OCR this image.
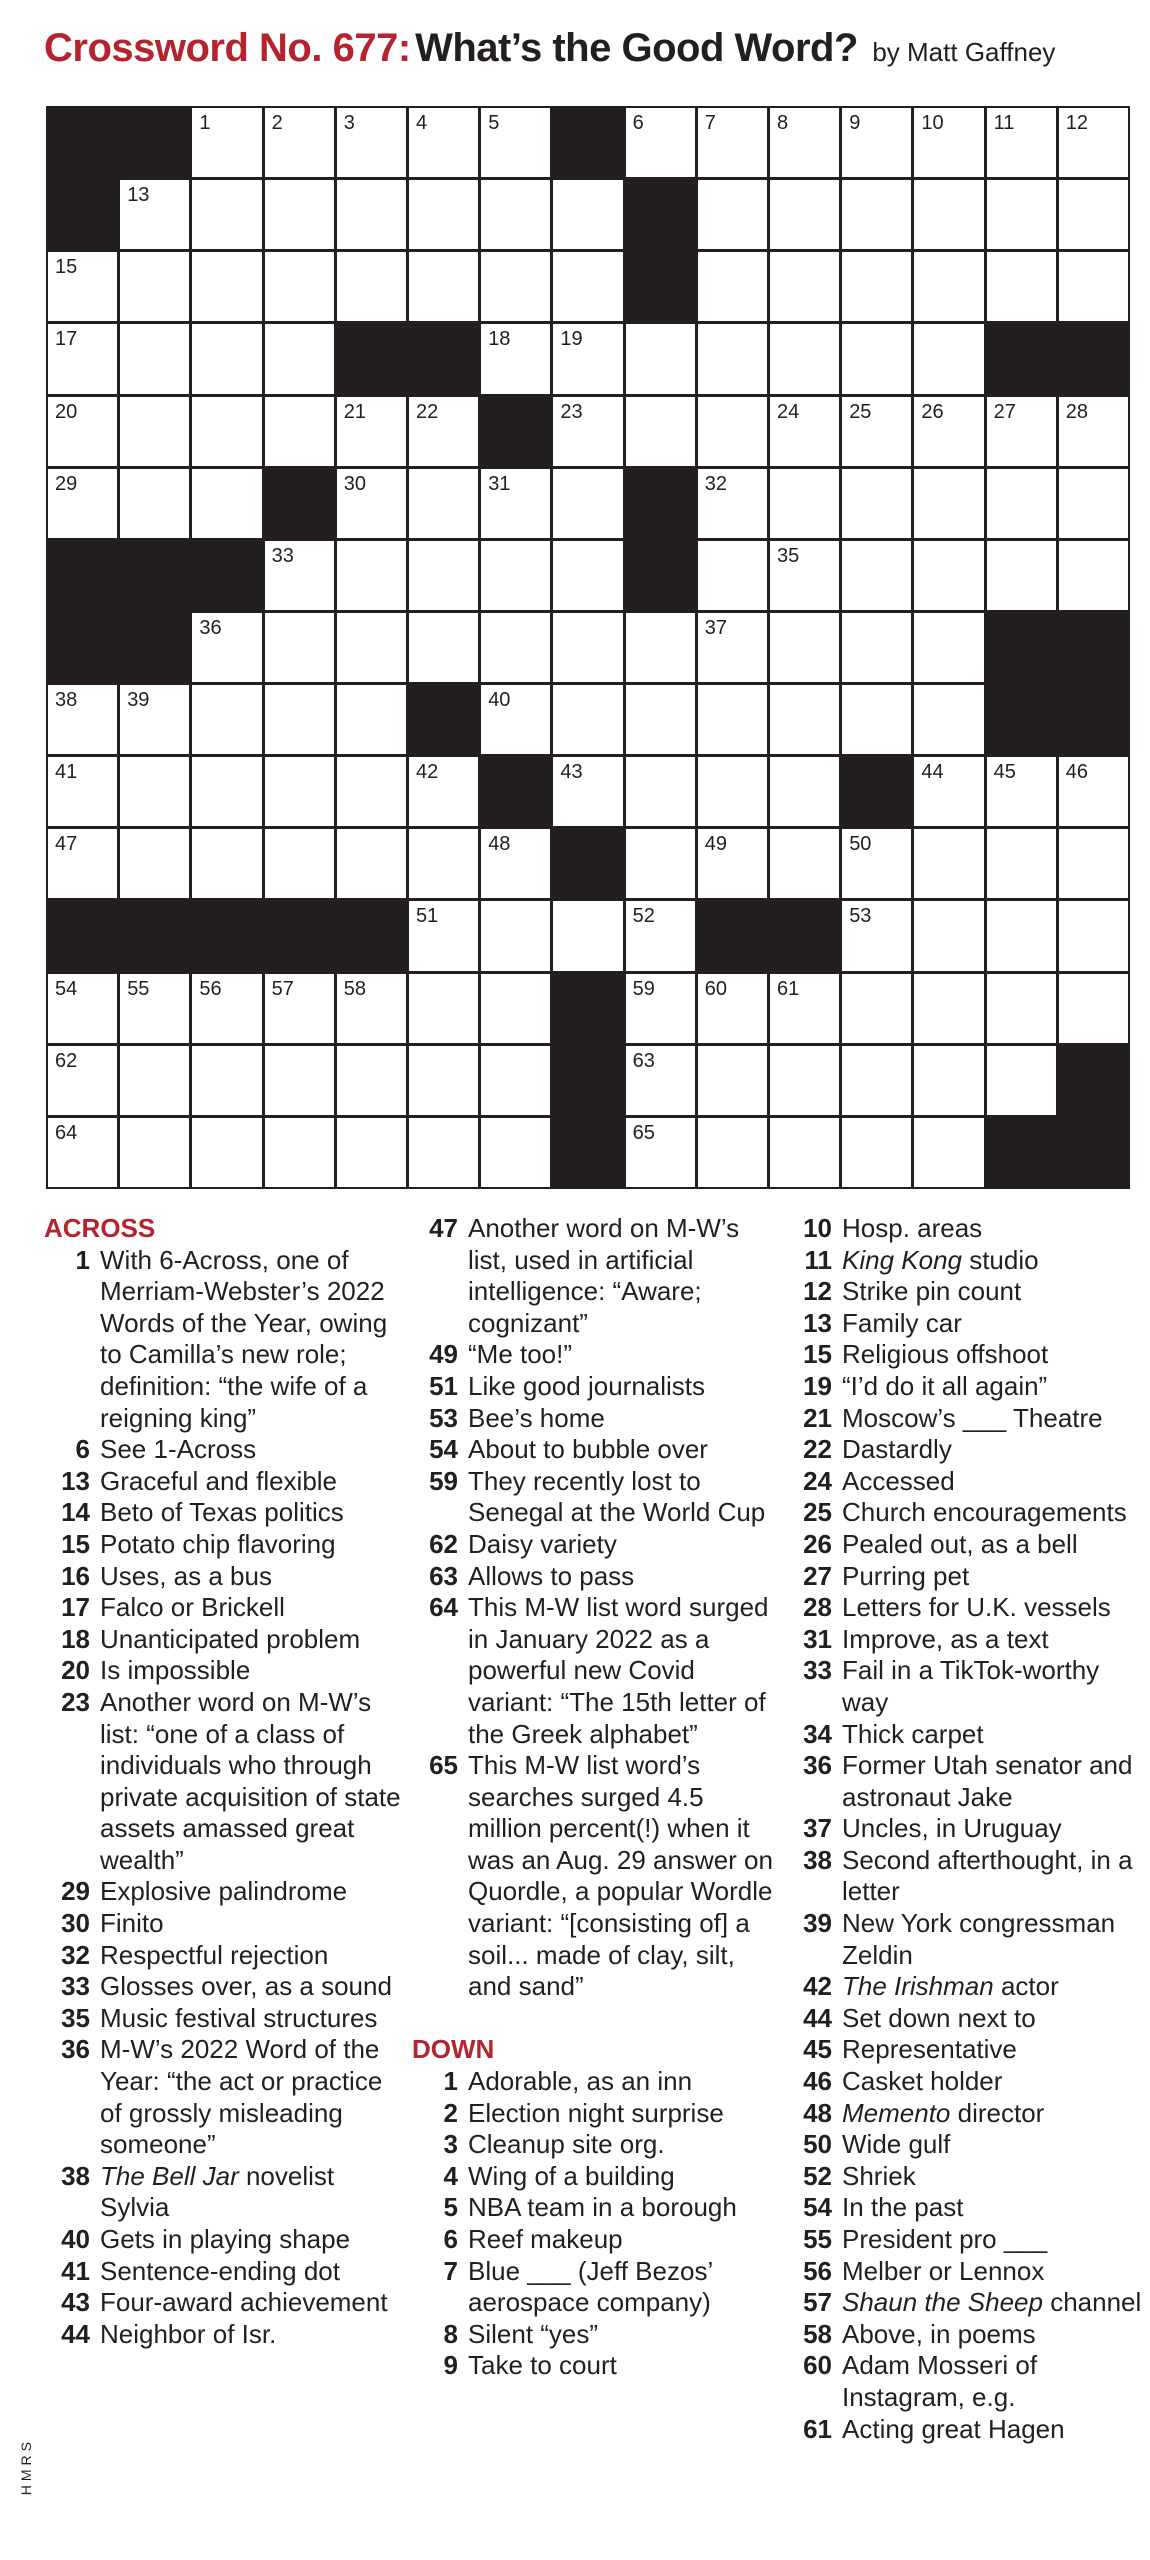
Crossword No. 677: What’s the Good Word? by Matt Gaffney
1	2	3	4	5	6	7	8	9	10 11	12
13	14
15	16
17	18 19
20	21 22	23	24 25 26 27 28
29	30	31	32
33	34	35
36	37
38 39	40
41	42	43	44 45 46
47	48	49	50
51	52	53
54 55 56 57 58	59 60 61
62	63
64	65
ACROSS
1 With 6-Across, one of Merriam-Webster’s 2022 Words of the Year, owing to Camilla’s new role; definition: “the wife of a reigning king”
6 See 1-Across
13 Graceful and flexible
14 Beto of Texas politics
15 Potato chip flavoring
16 Uses, as a bus
17 Falco or Brickell
18 Unanticipated problem
20 Is impossible
23 Another word on M-W’s list: “one of a class of individuals who through private acquisition of state assets amassed great wealth”
29 Explosive palindrome
30 Finito
32 Respectful rejection
33 Glosses over, as a sound
35 Music festival structures
36 M-W’s 2022 Word of the Year: “the act or practice of grossly misleading someone”
38 The Bell Jar novelist Sylvia
40 Gets in playing shape
41 Sentence-ending dot
43 Four-award achievement
44 Neighbor of Isr.
47 Another word on M-W’s list, used in artificial intelligence: “Aware; cognizant”
49 “Me too!”
51 Like good journalists
53 Bee’s home
54 About to bubble over
59 They recently lost to Senegal at the World Cup
62 Daisy variety
63 Allows to pass
64 This M-W list word surged in January 2022 as a powerful new Covid variant: “The 15th letter of the Greek alphabet”
65 This M-W list word’s searches surged 4.5 million percent(!) when it was an Aug. 29 answer on Quordle, a popular Wordle variant: “[consisting of] a soil... made of clay, silt, and sand”
DOWN
1 Adorable, as an inn
2 Election night surprise
3 Cleanup site org.
4 Wing of a building
5 NBA team in a borough
6 Reef makeup
7 Blue ___ (Jeff Bezos’ aerospace company)
8 Silent “yes”
9 Take to court
10 Hosp. areas
11 King Kong studio
12 Strike pin count
13 Family car
15 Religious offshoot
19 “I’d do it all again”
21 Moscow’s ___ Theatre
22 Dastardly
24 Accessed
25 Church encouragements
26 Pealed out, as a bell
27 Purring pet
28 Letters for U.K. vessels
31 Improve, as a text
33 Fail in a TikTok-worthy way
34 Thick carpet
36 Former Utah senator and astronaut Jake
37 Uncles, in Uruguay
38 Second afterthought, in a letter
39 New York congressman Zeldin
42 The Irishman actor
44 Set down next to
45 Representative
46 Casket holder
48 Memento director
50 Wide gulf
52 Shriek
54 In the past
55 President pro ___
56 Melber or Lennox
57 Shaun the Sheep channel
58 Above, in poems
60 Adam Mosseri of Instagram, e.g.
61 Acting great Hagen
HMRS
